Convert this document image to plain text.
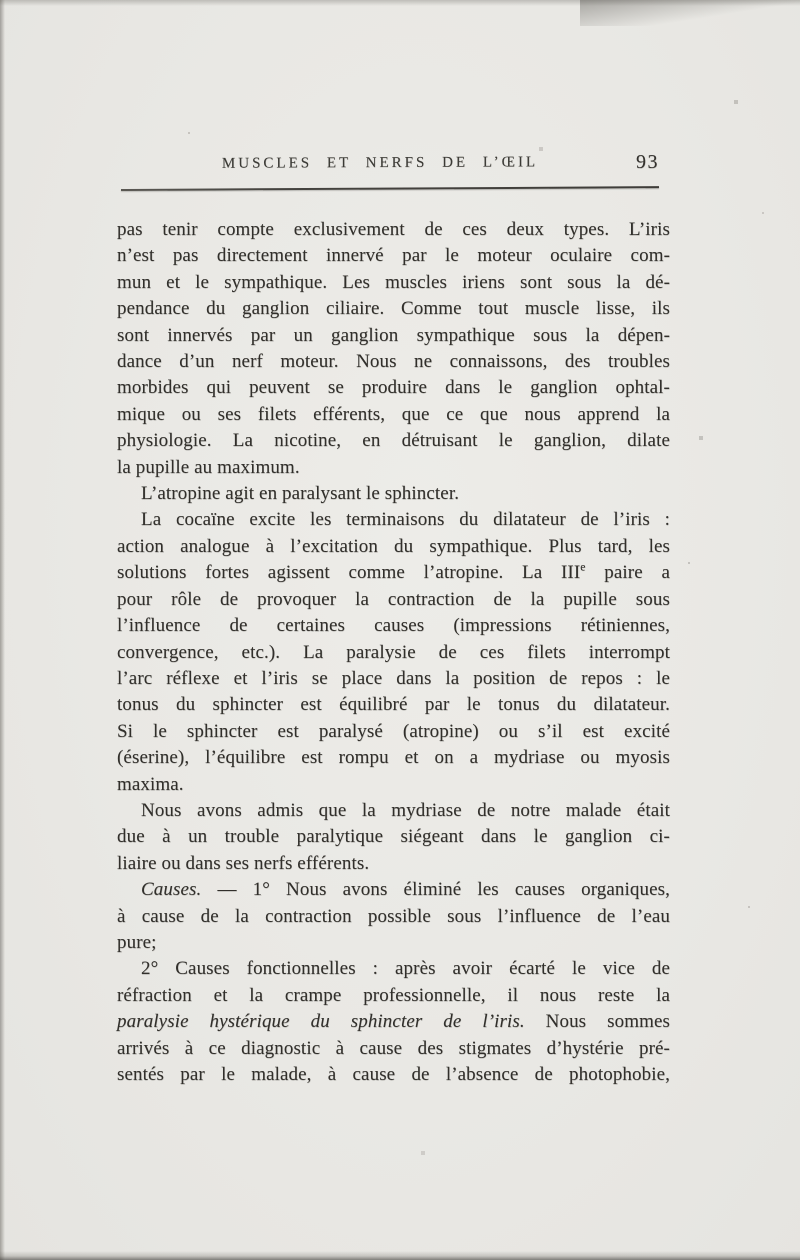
MUSCLES ET NERFS DE L’ŒIL	93
pas tenir compte exclusivement de ces deux types. L’iris
n’est pas directement innervé par le moteur oculaire com-
mun et le sympathique. Les muscles iriens sont sous la dé-
pendance du ganglion ciliaire. Comme tout muscle lisse, ils
sont innervés par un ganglion sympathique sous la dépen-
dance d’un nerf moteur. Nous ne connaissons, des troubles
morbides qui peuvent se produire dans le ganglion ophtal-
mique ou ses filets efférents, que ce que nous apprend la
physiologie. La nicotine, en détruisant le ganglion, dilate
la pupille au maximum.
L’atropine agit en paralysant le sphincter.
La cocaïne excite les terminaisons du dilatateur de l’iris :
action analogue à l’excitation du sympathique. Plus tard, les
solutions fortes agissent comme l’atropine. La IIIe paire a
pour rôle de provoquer la contraction de la pupille sous
l’influence de certaines causes (impressions rétiniennes,
convergence, etc.). La paralysie de ces filets interrompt
l’arc réflexe et l’iris se place dans la position de repos : le
tonus du sphincter est équilibré par le tonus du dilatateur.
Si le sphincter est paralysé (atropine) ou s’il est excité
(éserine), l’équilibre est rompu et on a mydriase ou myosis
maxima.
Nous avons admis que la mydriase de notre malade était
due à un trouble paralytique siégeant dans le ganglion ci-
liaire ou dans ses nerfs efférents.
Causes. — 1° Nous avons éliminé les causes organiques,
à cause de la contraction possible sous l’influence de l’eau
pure;
2° Causes fonctionnelles : après avoir écarté le vice de
réfraction et la crampe professionnelle, il nous reste la
paralysie hystérique du sphincter de l’iris. Nous sommes
arrivés à ce diagnostic à cause des stigmates d’hystérie pré-
sentés par le malade, à cause de l’absence de photophobie,
